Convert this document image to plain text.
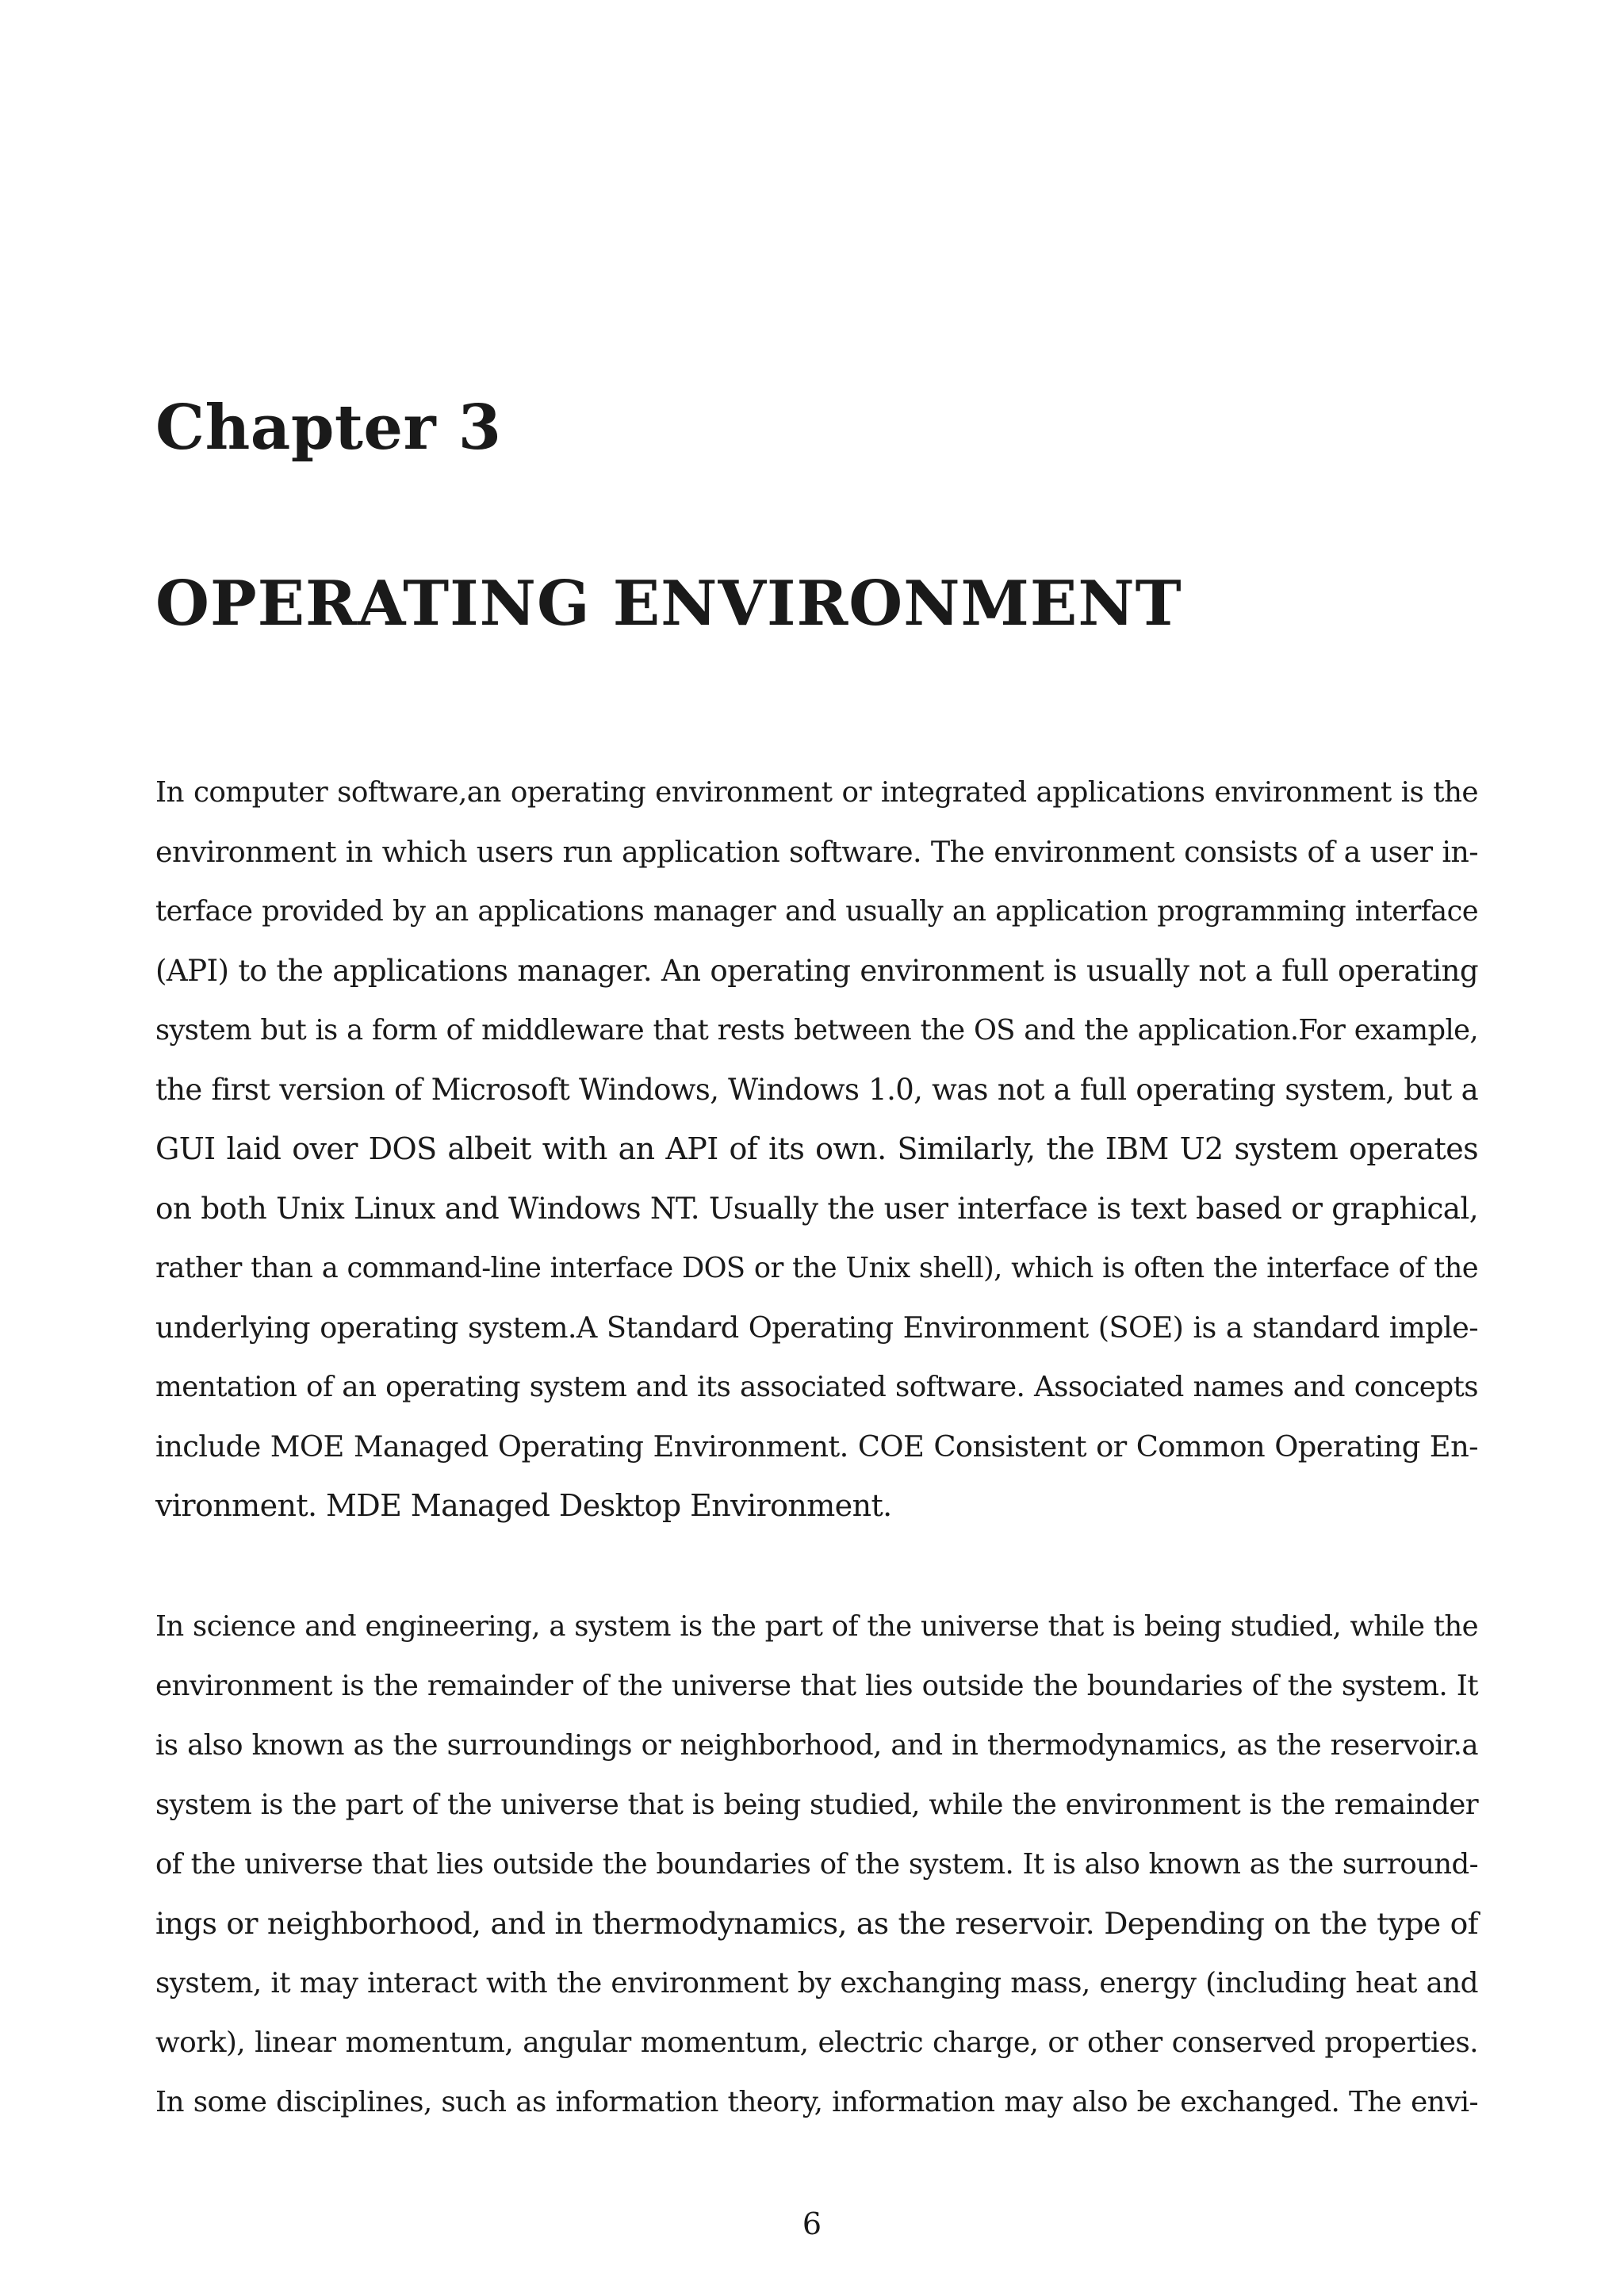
Chapter 3
OPERATING ENVIRONMENT
In computer software,an operating environment or integrated applications environment is the
environment in which users run application software. The environment consists of a user in-
terface provided by an applications manager and usually an application programming interface
(API) to the applications manager. An operating environment is usually not a full operating
system but is a form of middleware that rests between the OS and the application.For example,
the first version of Microsoft Windows, Windows 1.0, was not a full operating system, but a
GUI laid over DOS albeit with an API of its own. Similarly, the IBM U2 system operates
on both Unix Linux and Windows NT. Usually the user interface is text based or graphical,
rather than a command-line interface DOS or the Unix shell), which is often the interface of the
underlying operating system.A Standard Operating Environment (SOE) is a standard imple-
mentation of an operating system and its associated software. Associated names and concepts
include MOE Managed Operating Environment. COE Consistent or Common Operating En-
vironment. MDE Managed Desktop Environment.
In science and engineering, a system is the part of the universe that is being studied, while the
environment is the remainder of the universe that lies outside the boundaries of the system. It
is also known as the surroundings or neighborhood, and in thermodynamics, as the reservoir.a
system is the part of the universe that is being studied, while the environment is the remainder
of the universe that lies outside the boundaries of the system. It is also known as the surround-
ings or neighborhood, and in thermodynamics, as the reservoir. Depending on the type of
system, it may interact with the environment by exchanging mass, energy (including heat and
work), linear momentum, angular momentum, electric charge, or other conserved properties.
In some disciplines, such as information theory, information may also be exchanged. The envi-
6
